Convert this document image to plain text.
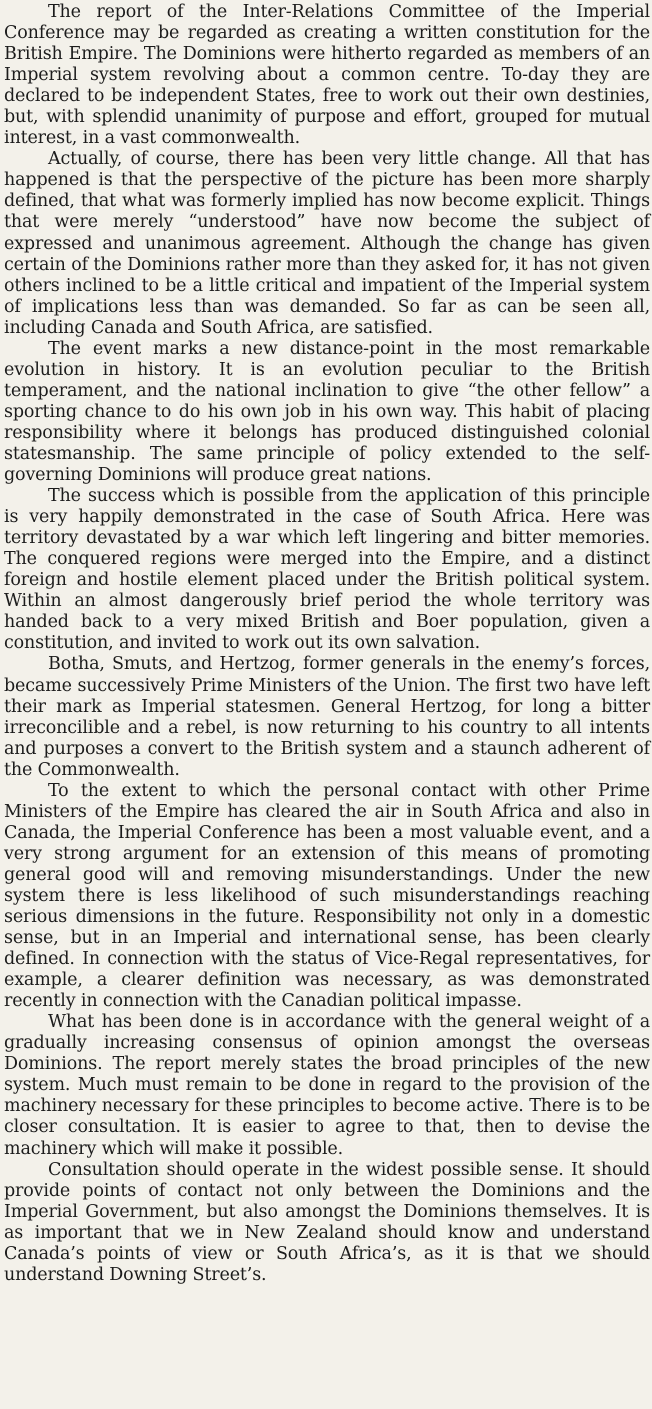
The report of the Inter-Relations Committee of the Imperial Conference may be regarded as creating a written constitution for the British Empire. The Dominions were hitherto regarded as members of an Imperial system revolving about a common centre. To-day they are declared to be independent States, free to work out their own destinies, but, with splendid unanimity of purpose and effort, grouped for mutual interest, in a vast commonwealth.

Actually, of course, there has been very little change. All that has happened is that the perspective of the picture has been more sharply defined, that what was formerly implied has now become explicit. Things that were merely “understood” have now become the subject of expressed and unanimous agreement. Although the change has given certain of the Dominions rather more than they asked for, it has not given others inclined to be a little critical and impatient of the Imperial system of implications less than was demanded. So far as can be seen all, including Canada and South Africa, are satisfied.

The event marks a new distance-point in the most remarkable evolution in history. It is an evolution peculiar to the British temperament, and the national inclination to give “the other fellow” a sporting chance to do his own job in his own way. This habit of placing responsibility where it belongs has produced distinguished colonial statesmanship. The same principle of policy extended to the self-governing Dominions will produce great nations.

The success which is possible from the application of this principle is very happily demonstrated in the case of South Africa. Here was territory devastated by a war which left lingering and bitter memories. The conquered regions were merged into the Empire, and a distinct foreign and hostile element placed under the British political system. Within an almost dangerously brief period the whole territory was handed back to a very mixed British and Boer population, given a constitution, and invited to work out its own salvation.

Botha, Smuts, and Hertzog, former generals in the enemy’s forces, became successively Prime Ministers of the Union. The first two have left their mark as Imperial statesmen. General Hertzog, for long a bitter irreconcilible and a rebel, is now returning to his country to all intents and purposes a convert to the British system and a staunch adherent of the Commonwealth.

To the extent to which the personal contact with other Prime Ministers of the Empire has cleared the air in South Africa and also in Canada, the Imperial Conference has been a most valuable event, and a very strong argument for an extension of this means of promoting general good will and removing misunderstandings. Under the new system there is less likelihood of such misunderstandings reaching serious dimensions in the future. Responsibility not only in a domestic sense, but in an Imperial and international sense, has been clearly defined. In connection with the status of Vice-Regal representatives, for example, a clearer definition was necessary, as was demonstrated recently in connection with the Canadian political impasse.

What has been done is in accordance with the general weight of a gradually increasing consensus of opinion amongst the overseas Dominions. The report merely states the broad principles of the new system. Much must remain to be done in regard to the provision of the machinery necessary for these principles to become active. There is to be closer consultation. It is easier to agree to that, then to devise the machinery which will make it possible.

Consultation should operate in the widest possible sense. It should provide points of contact not only between the Dominions and the Imperial Government, but also amongst the Dominions themselves. It is as important that we in New Zealand should know and understand Canada’s points of view or South Africa’s, as it is that we should understand Downing Street’s.
